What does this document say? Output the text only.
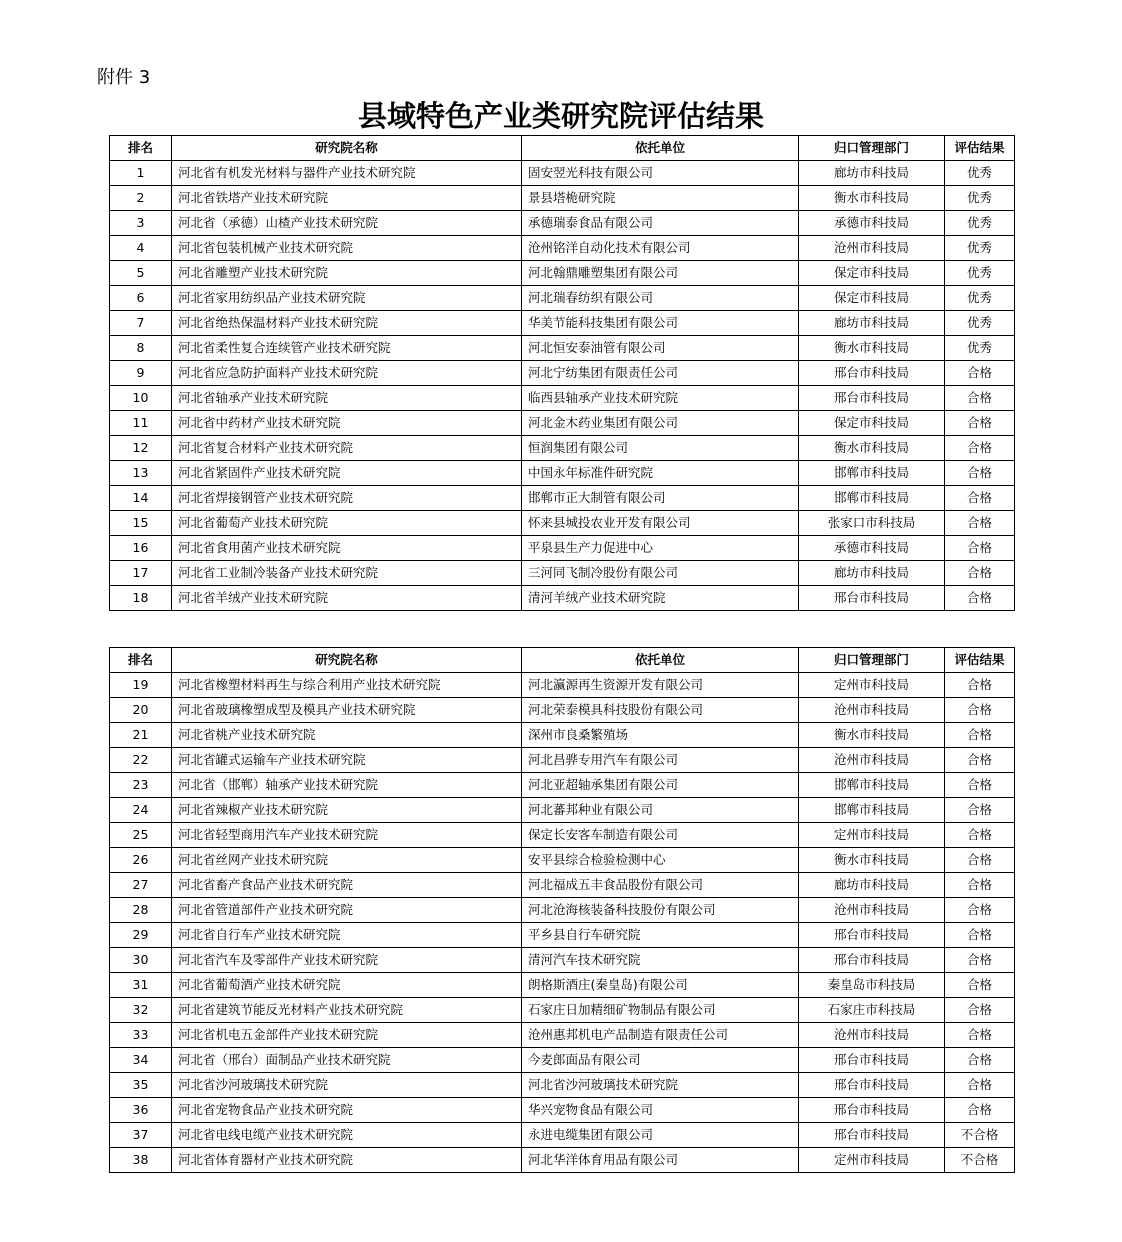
附件 3
县域特色产业类研究院评估结果
排名	研究院名称	依托单位	归口管理部门	评估结果
1	河北省有机发光材料与器件产业技术研究院	固安翌光科技有限公司	廊坊市科技局	优秀
2	河北省铁塔产业技术研究院	景县塔桅研究院	衡水市科技局	优秀
3	河北省（承德）山楂产业技术研究院	承德瑞泰食品有限公司	承德市科技局	优秀
4	河北省包装机械产业技术研究院	沧州铭洋自动化技术有限公司	沧州市科技局	优秀
5	河北省雕塑产业技术研究院	河北翰鼎雕塑集团有限公司	保定市科技局	优秀
6	河北省家用纺织品产业技术研究院	河北瑞春纺织有限公司	保定市科技局	优秀
7	河北省绝热保温材料产业技术研究院	华美节能科技集团有限公司	廊坊市科技局	优秀
8	河北省柔性复合连续管产业技术研究院	河北恒安泰油管有限公司	衡水市科技局	优秀
9	河北省应急防护面料产业技术研究院	河北宁纺集团有限责任公司	邢台市科技局	合格
10	河北省轴承产业技术研究院	临西县轴承产业技术研究院	邢台市科技局	合格
11	河北省中药材产业技术研究院	河北金木药业集团有限公司	保定市科技局	合格
12	河北省复合材料产业技术研究院	恒润集团有限公司	衡水市科技局	合格
13	河北省紧固件产业技术研究院	中国永年标准件研究院	邯郸市科技局	合格
14	河北省焊接钢管产业技术研究院	邯郸市正大制管有限公司	邯郸市科技局	合格
15	河北省葡萄产业技术研究院	怀来县城投农业开发有限公司	张家口市科技局	合格
16	河北省食用菌产业技术研究院	平泉县生产力促进中心	承德市科技局	合格
17	河北省工业制冷装备产业技术研究院	三河同飞制冷股份有限公司	廊坊市科技局	合格
18	河北省羊绒产业技术研究院	清河羊绒产业技术研究院	邢台市科技局	合格
排名	研究院名称	依托单位	归口管理部门	评估结果
19	河北省橡塑材料再生与综合利用产业技术研究院	河北瀛源再生资源开发有限公司	定州市科技局	合格
20	河北省玻璃橡塑成型及模具产业技术研究院	河北荣泰模具科技股份有限公司	沧州市科技局	合格
21	河北省桃产业技术研究院	深州市良桑繁殖场	衡水市科技局	合格
22	河北省罐式运输车产业技术研究院	河北昌骅专用汽车有限公司	沧州市科技局	合格
23	河北省（邯郸）轴承产业技术研究院	河北亚超轴承集团有限公司	邯郸市科技局	合格
24	河北省辣椒产业技术研究院	河北蕃邦种业有限公司	邯郸市科技局	合格
25	河北省轻型商用汽车产业技术研究院	保定长安客车制造有限公司	定州市科技局	合格
26	河北省丝网产业技术研究院	安平县综合检验检测中心	衡水市科技局	合格
27	河北省畜产食品产业技术研究院	河北福成五丰食品股份有限公司	廊坊市科技局	合格
28	河北省管道部件产业技术研究院	河北沧海核装备科技股份有限公司	沧州市科技局	合格
29	河北省自行车产业技术研究院	平乡县自行车研究院	邢台市科技局	合格
30	河北省汽车及零部件产业技术研究院	清河汽车技术研究院	邢台市科技局	合格
31	河北省葡萄酒产业技术研究院	朗格斯酒庄(秦皇岛)有限公司	秦皇岛市科技局	合格
32	河北省建筑节能反光材料产业技术研究院	石家庄日加精细矿物制品有限公司	石家庄市科技局	合格
33	河北省机电五金部件产业技术研究院	沧州惠邦机电产品制造有限责任公司	沧州市科技局	合格
34	河北省（邢台）面制品产业技术研究院	今麦郎面品有限公司	邢台市科技局	合格
35	河北省沙河玻璃技术研究院	河北省沙河玻璃技术研究院	邢台市科技局	合格
36	河北省宠物食品产业技术研究院	华兴宠物食品有限公司	邢台市科技局	合格
37	河北省电线电缆产业技术研究院	永进电缆集团有限公司	邢台市科技局	不合格
38	河北省体育器材产业技术研究院	河北华洋体育用品有限公司	定州市科技局	不合格
